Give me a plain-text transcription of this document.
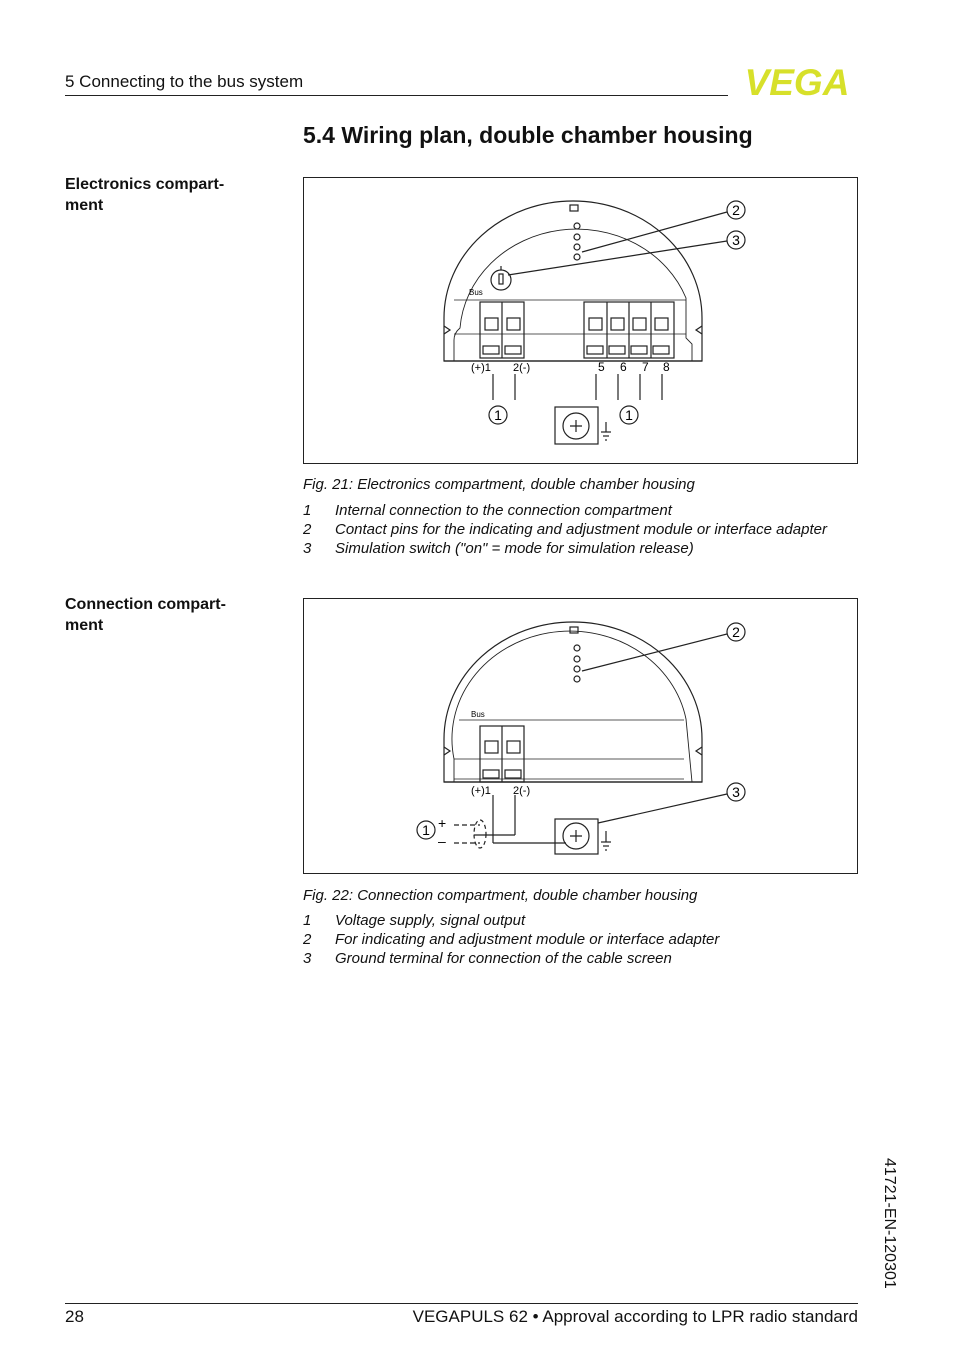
5 Connecting to the bus system	VEGA
5.4 Wiring plan, double chamber housing
Electronics compart- ment
Bus
(+)1 2(-)	5 6 7 8
1	1
2
3
Fig. 21: Electronics compartment, double chamber housing
1	Internal connection to the connection compartment
2	Contact pins for the indicating and adjustment module or interface adapter
3	Simulation switch ("on" = mode for simulation release)
Connection compart- ment
Bus
(+)1 2(-)
+
–
1
2
3
Fig. 22: Connection compartment, double chamber housing
1	Voltage supply, signal output
2	For indicating and adjustment module or interface adapter
3	Ground terminal for connection of the cable screen
41721-EN-120301
28	VEGAPULS 62 • Approval according to LPR radio standard
